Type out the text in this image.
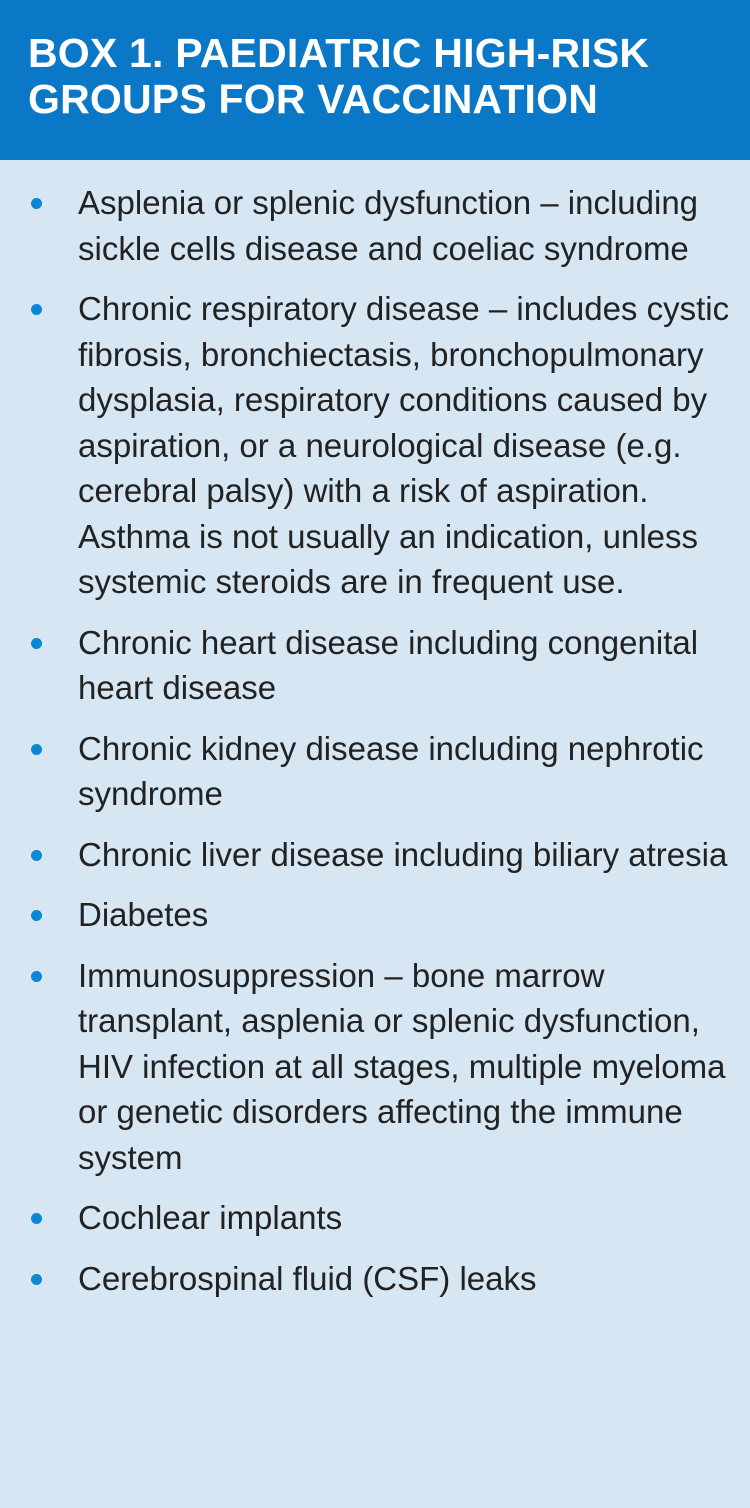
BOX 1. PAEDIATRIC HIGH-RISK GROUPS FOR VACCINATION
Asplenia or splenic dysfunction – including sickle cells disease and coeliac syndrome
Chronic respiratory disease – includes cystic fibrosis, bronchiectasis, bronchopulmonary dysplasia, respiratory conditions caused by aspiration, or a neurological disease (e.g. cerebral palsy) with a risk of aspiration. Asthma is not usually an indication, unless systemic steroids are in frequent use.
Chronic heart disease including congenital heart disease
Chronic kidney disease including nephrotic syndrome
Chronic liver disease including biliary atresia
Diabetes
Immunosuppression – bone marrow transplant, asplenia or splenic dysfunction, HIV infection at all stages, multiple myeloma or genetic disorders affecting the immune system
Cochlear implants
Cerebrospinal fluid (CSF) leaks
